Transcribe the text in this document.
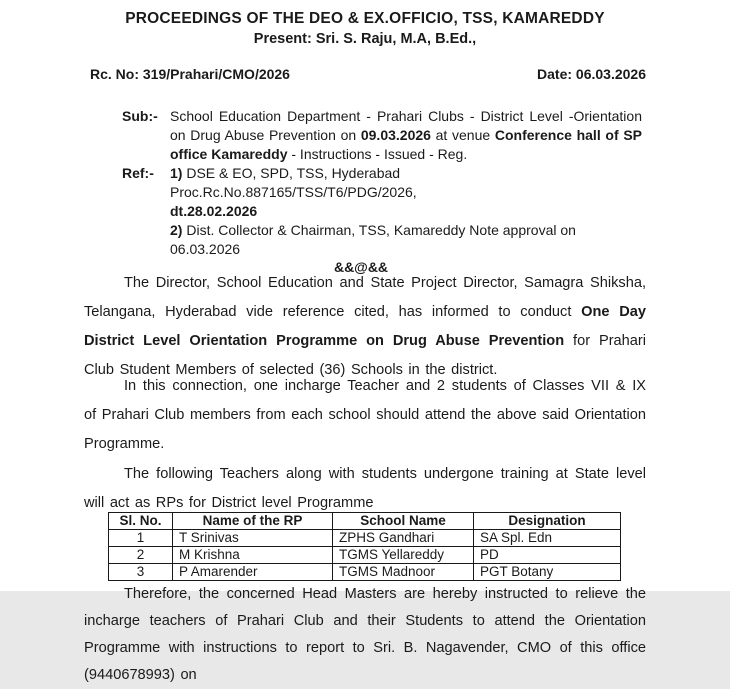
PROCEEDINGS OF THE DEO & EX.OFFICIO, TSS, KAMAREDDY
Present: Sri. S. Raju, M.A, B.Ed.,
Rc. No: 319/Prahari/CMO/2026	Date: 06.03.2026
Sub:- School Education Department - Prahari Clubs - District Level -Orientation on Drug Abuse Prevention on 09.03.2026 at venue Conference hall of SP office Kamareddy - Instructions - Issued - Reg.
Ref:-	1) DSE & EO, SPD, TSS, Hyderabad Proc.Rc.No.887165/TSS/T6/PDG/2026,
dt.28.02.2026
2) Dist. Collector & Chairman, TSS, Kamareddy Note approval on 06.03.2026
&&@&&
The Director, School Education and State Project Director, Samagra Shiksha, Telangana, Hyderabad vide reference cited, has informed to conduct One Day District Level Orientation Programme on Drug Abuse Prevention for Prahari Club Student Members of selected (36) Schools in the district.
In this connection, one incharge Teacher and 2 students of Classes VII & IX of Prahari Club members from each school should attend the above said Orientation Programme.
The following Teachers along with students undergone training at State level will act as RPs for District level Programme
Sl. No.	Name of the RP	School Name	Designation
1	T Srinivas	ZPHS Gandhari	SA Spl. Edn
2	M Krishna	TGMS Yellareddy	PD
3	P Amarender	TGMS Madnoor	PGT Botany
Therefore, the concerned Head Masters are hereby instructed to relieve the incharge teachers of Prahari Club and their Students to attend the Orientation Programme with instructions to report to Sri. B. Nagavender, CMO of this office (9440678993) on
